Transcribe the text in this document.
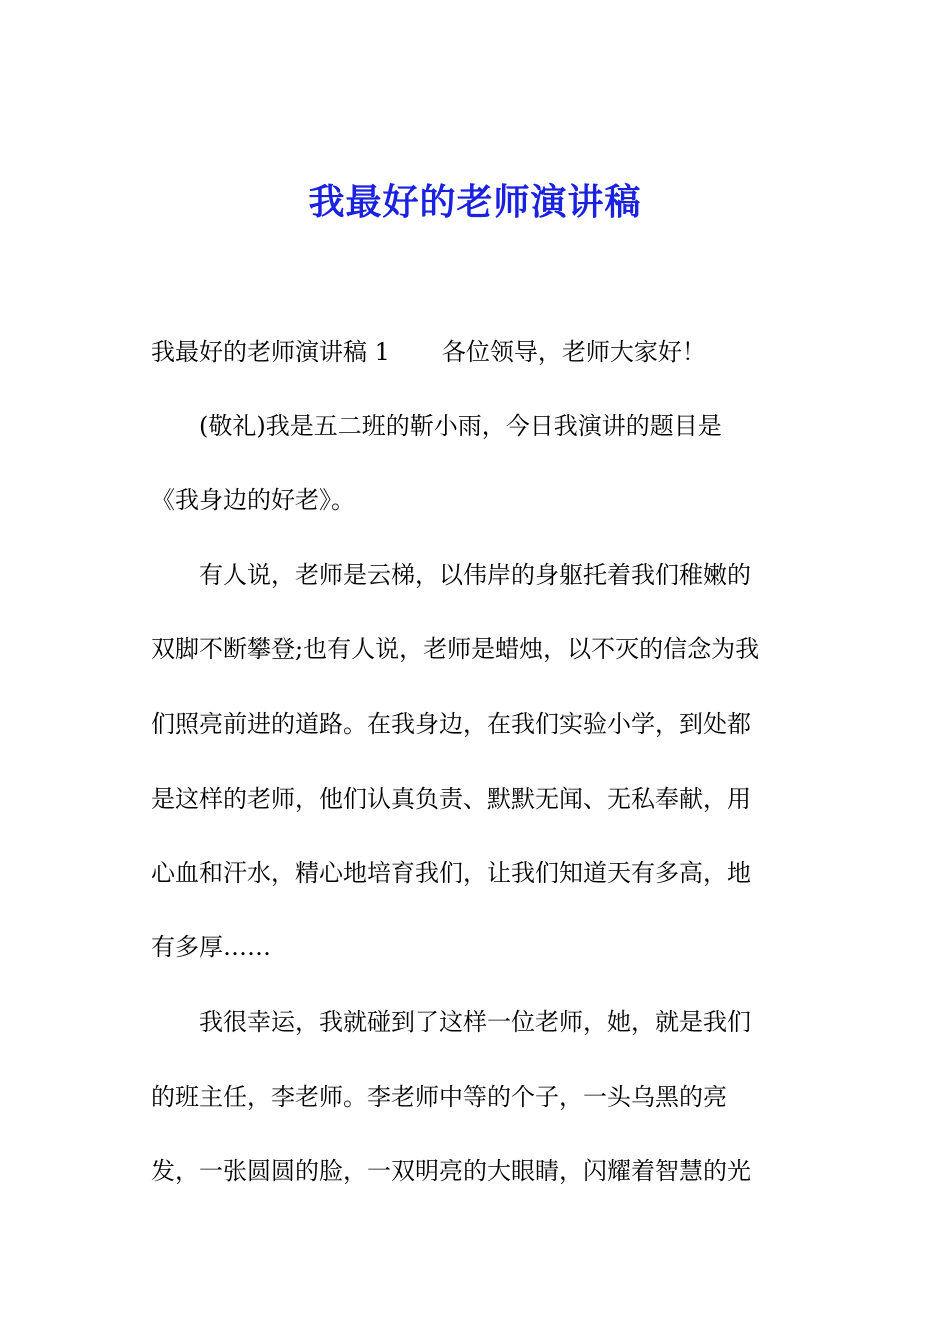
我最好的老师演讲稿
我最好的老师演讲稿 1 各位领导，老师大家好！
　　(敬礼)我是五二班的靳小雨，今日我演讲的题目是
《我身边的好老》。
　　有人说，老师是云梯，以伟岸的身躯托着我们稚嫩的
双脚不断攀登;也有人说，老师是蜡烛，以不灭的信念为我
们照亮前进的道路。在我身边，在我们实验小学，到处都
是这样的老师，他们认真负责、默默无闻、无私奉献，用
心血和汗水，精心地培育我们，让我们知道天有多高，地
有多厚……
　　我很幸运，我就碰到了这样一位老师，她，就是我们
的班主任，李老师。李老师中等的个子，一头乌黑的亮
发，一张圆圆的脸，一双明亮的大眼睛，闪耀着智慧的光
